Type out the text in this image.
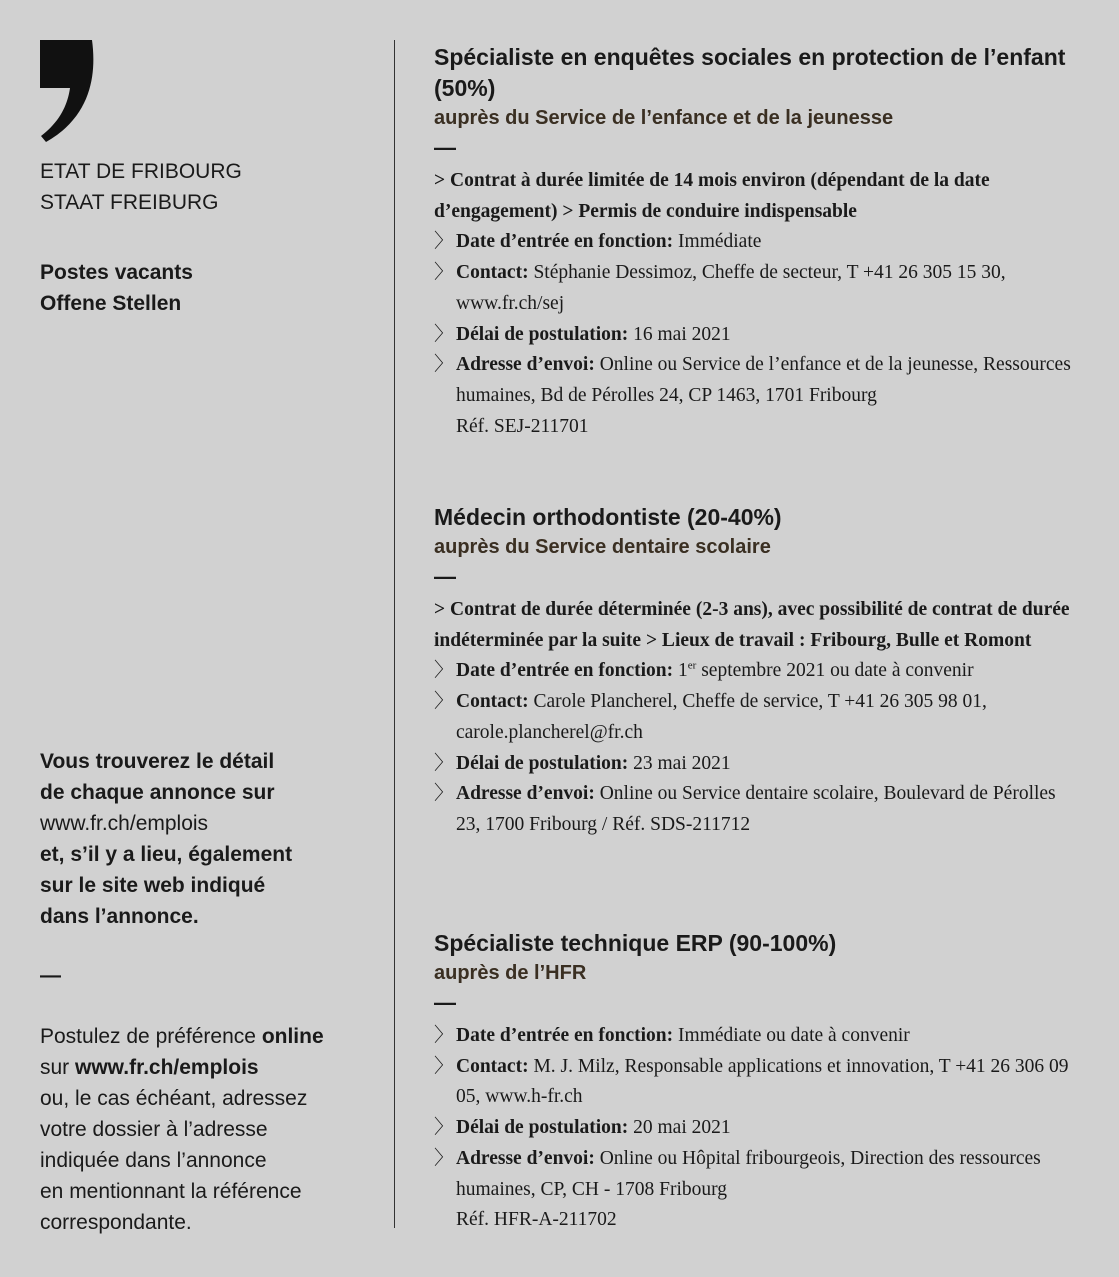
ETAT DE FRIBOURG

STAAT FREIBURG

Postes vacants

Offene Stellen

Vous trouverez le détail

de chaque annonce sur

www.fr.ch/emplois

et, s’il y a lieu, également

sur le site web indiqué

dans l’annonce.

—

Postulez de préférence online

sur www.fr.ch/emplois

ou, le cas échéant, adressez

votre dossier à l’adresse

indiquée dans l’annonce

en mentionnant la référence

correspondante.

Spécialiste en enquêtes sociales en protection de l’enfant (50%)

auprès du Service de l’enfance et de la jeunesse

—

> Contrat à durée limitée de 14 mois environ (dépendant de la date d’engagement) > Permis de conduire indispensable

〉 Date d’entrée en fonction: Immédiate

〉 Contact: Stéphanie Dessimoz, Cheffe de secteur, T +41 26 305 15 30, www.fr.ch/sej

〉 Délai de postulation: 16 mai 2021

〉 Adresse d’envoi: Online ou Service de l’enfance et de la jeunesse, Ressources humaines, Bd de Pérolles 24, CP 1463, 1701 Fribourg

Réf. SEJ-211701

Médecin orthodontiste (20-40%)

auprès du Service dentaire scolaire

—

> Contrat de durée déterminée (2-3 ans), avec possibilité de contrat de durée indéterminée par la suite > Lieux de travail : Fribourg, Bulle et Romont

〉 Date d’entrée en fonction: 1er septembre 2021 ou date à convenir

〉 Contact: Carole Plancherel, Cheffe de service, T +41 26 305 98 01, carole.plancherel@fr.ch

〉 Délai de postulation: 23 mai 2021

〉 Adresse d’envoi: Online ou Service dentaire scolaire, Boulevard de Pérolles 23, 1700 Fribourg / Réf. SDS-211712

Spécialiste technique ERP (90-100%)

auprès de l’HFR

—

〉 Date d’entrée en fonction: Immédiate ou date à convenir

〉 Contact: M. J. Milz, Responsable applications et innovation, T +41 26 306 09 05, www.h-fr.ch

〉 Délai de postulation: 20 mai 2021

〉 Adresse d’envoi: Online ou Hôpital fribourgeois, Direction des ressources humaines, CP, CH - 1708 Fribourg

Réf. HFR-A-211702
